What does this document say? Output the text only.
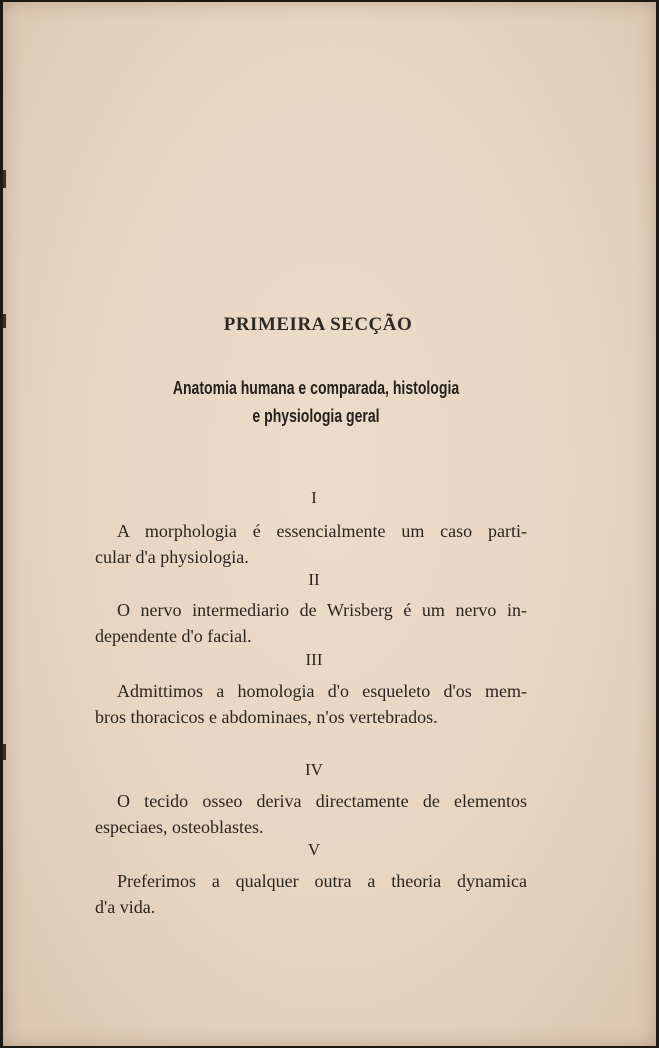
PRIMEIRA SECÇÃO
Anatomia humana e comparada, histologia
e physiologia geral
I
A morphologia é essencialmente um caso parti-
cular d'a physiologia.
II
O nervo intermediario de Wrisberg é um nervo in-
dependente d'o facial.
III
Admittimos a homologia d'o esqueleto d'os mem-
bros thoracicos e abdominaes, n'os vertebrados.
IV
O tecido osseo deriva directamente de elementos
especiaes, osteoblastes.
V
Preferimos a qualquer outra a theoria dynamica
d'a vida.
